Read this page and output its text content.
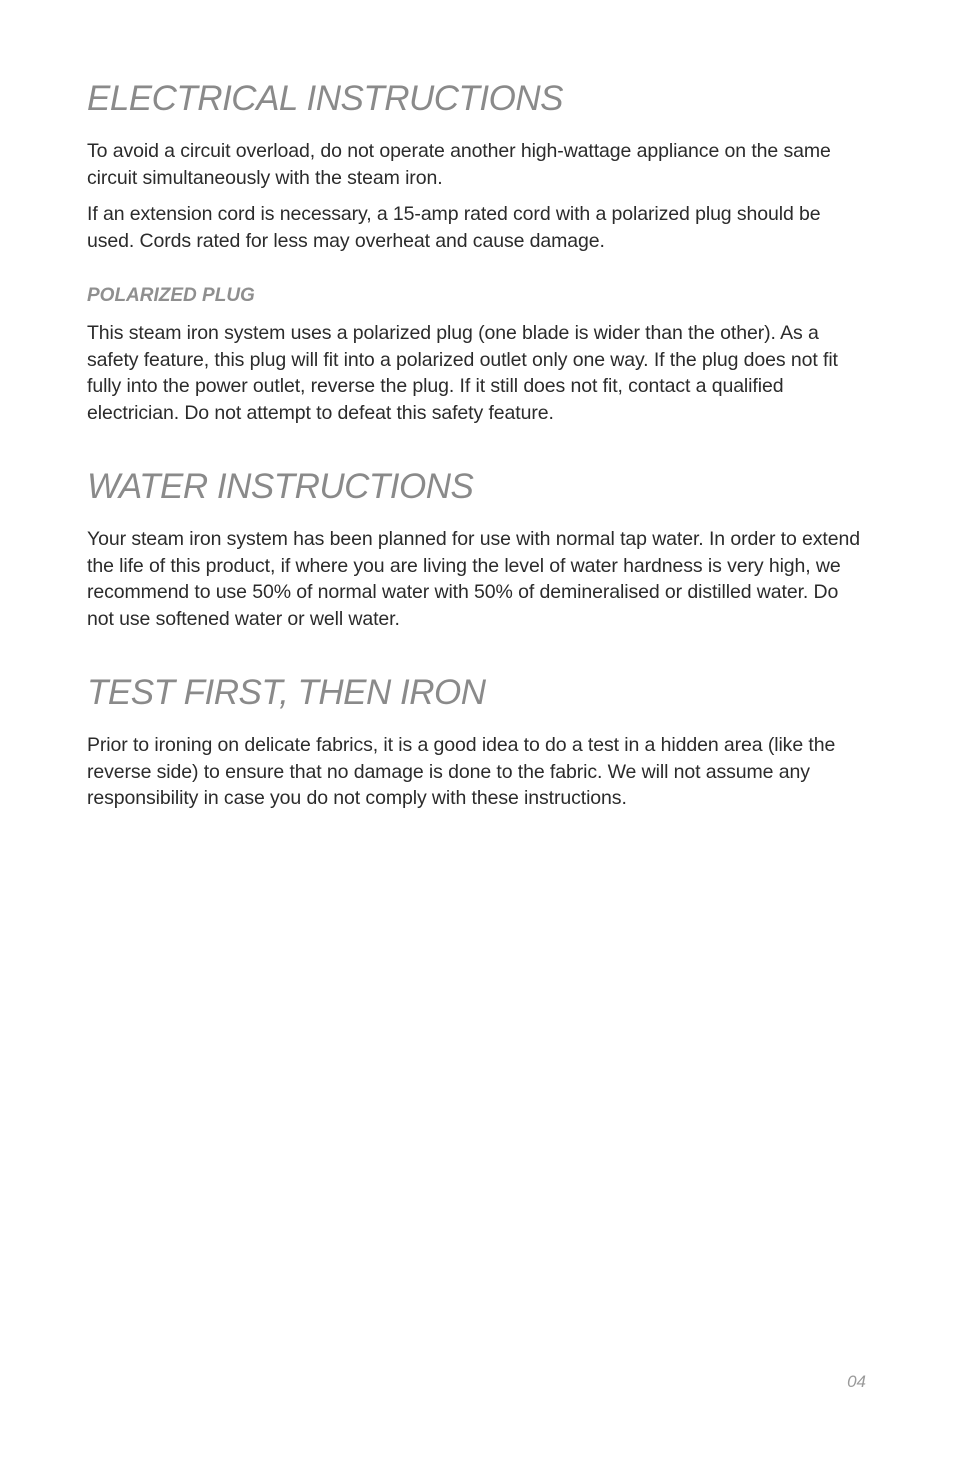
ELECTRICAL INSTRUCTIONS

To avoid a circuit overload, do not operate another high-wattage appliance on the same circuit simultaneously with the steam iron.

If an extension cord is necessary, a 15-amp rated cord with a polarized plug should be used. Cords rated for less may overheat and cause damage.

POLARIZED PLUG

This steam iron system uses a polarized plug (one blade is wider than the other). As a safety feature, this plug will fit into a polarized outlet only one way. If the plug does not fit fully into the power outlet, reverse the plug. If it still does not fit, contact a qualified electrician. Do not attempt to defeat this safety feature.

WATER INSTRUCTIONS

Your steam iron system has been planned for use with normal tap water. In order to extend the life of this product, if where you are living the level of water hardness is very high, we recommend to use 50% of normal water with 50% of demineralised or distilled water. Do not use softened water or well water.

TEST FIRST, THEN IRON

Prior to ironing on delicate fabrics, it is a good idea to do a test in a hidden area (like the reverse side) to ensure that no damage is done to the fabric. We will not assume any responsibility in case you do not comply with these instructions.

04
